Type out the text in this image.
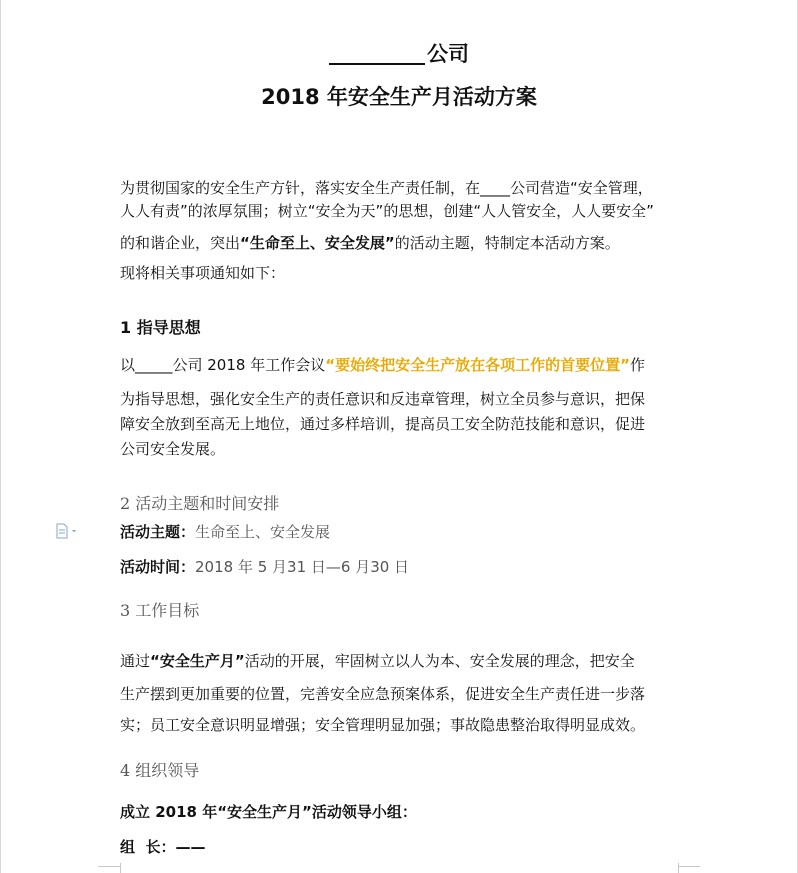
公司
2018 年安全生产月活动方案
为贯彻国家的安全生产方针，落实安全生产责任制，在____公司营造“安全管理，
人人有责”的浓厚氛围；树立“安全为天”的思想，创建“人人管安全，人人要安全”
的和谐企业，突出“生命至上、安全发展”的活动主题，特制定本活动方案。
现将相关事项通知如下：
1 指导思想
以_____公司 2018 年工作会议“要始终把安全生产放在各项工作的首要位置”作
为指导思想，强化安全生产的责任意识和反违章管理，树立全员参与意识，把保
障安全放到至高无上地位，通过多样培训，提高员工安全防范技能和意识，促进
公司安全发展。
2 活动主题和时间安排
活动主题：生命至上、安全发展
活动时间：2018 年 5 月31 日—6 月30 日
3 工作目标
通过“安全生产月”活动的开展，牢固树立以人为本、安全发展的理念，把安全
生产摆到更加重要的位置，完善安全应急预案体系，促进安全生产责任进一步落
实；员工安全意识明显增强；安全管理明显加强；事故隐患整治取得明显成效。
4 组织领导
成立 2018 年“安全生产月”活动领导小组：
组  长：——
